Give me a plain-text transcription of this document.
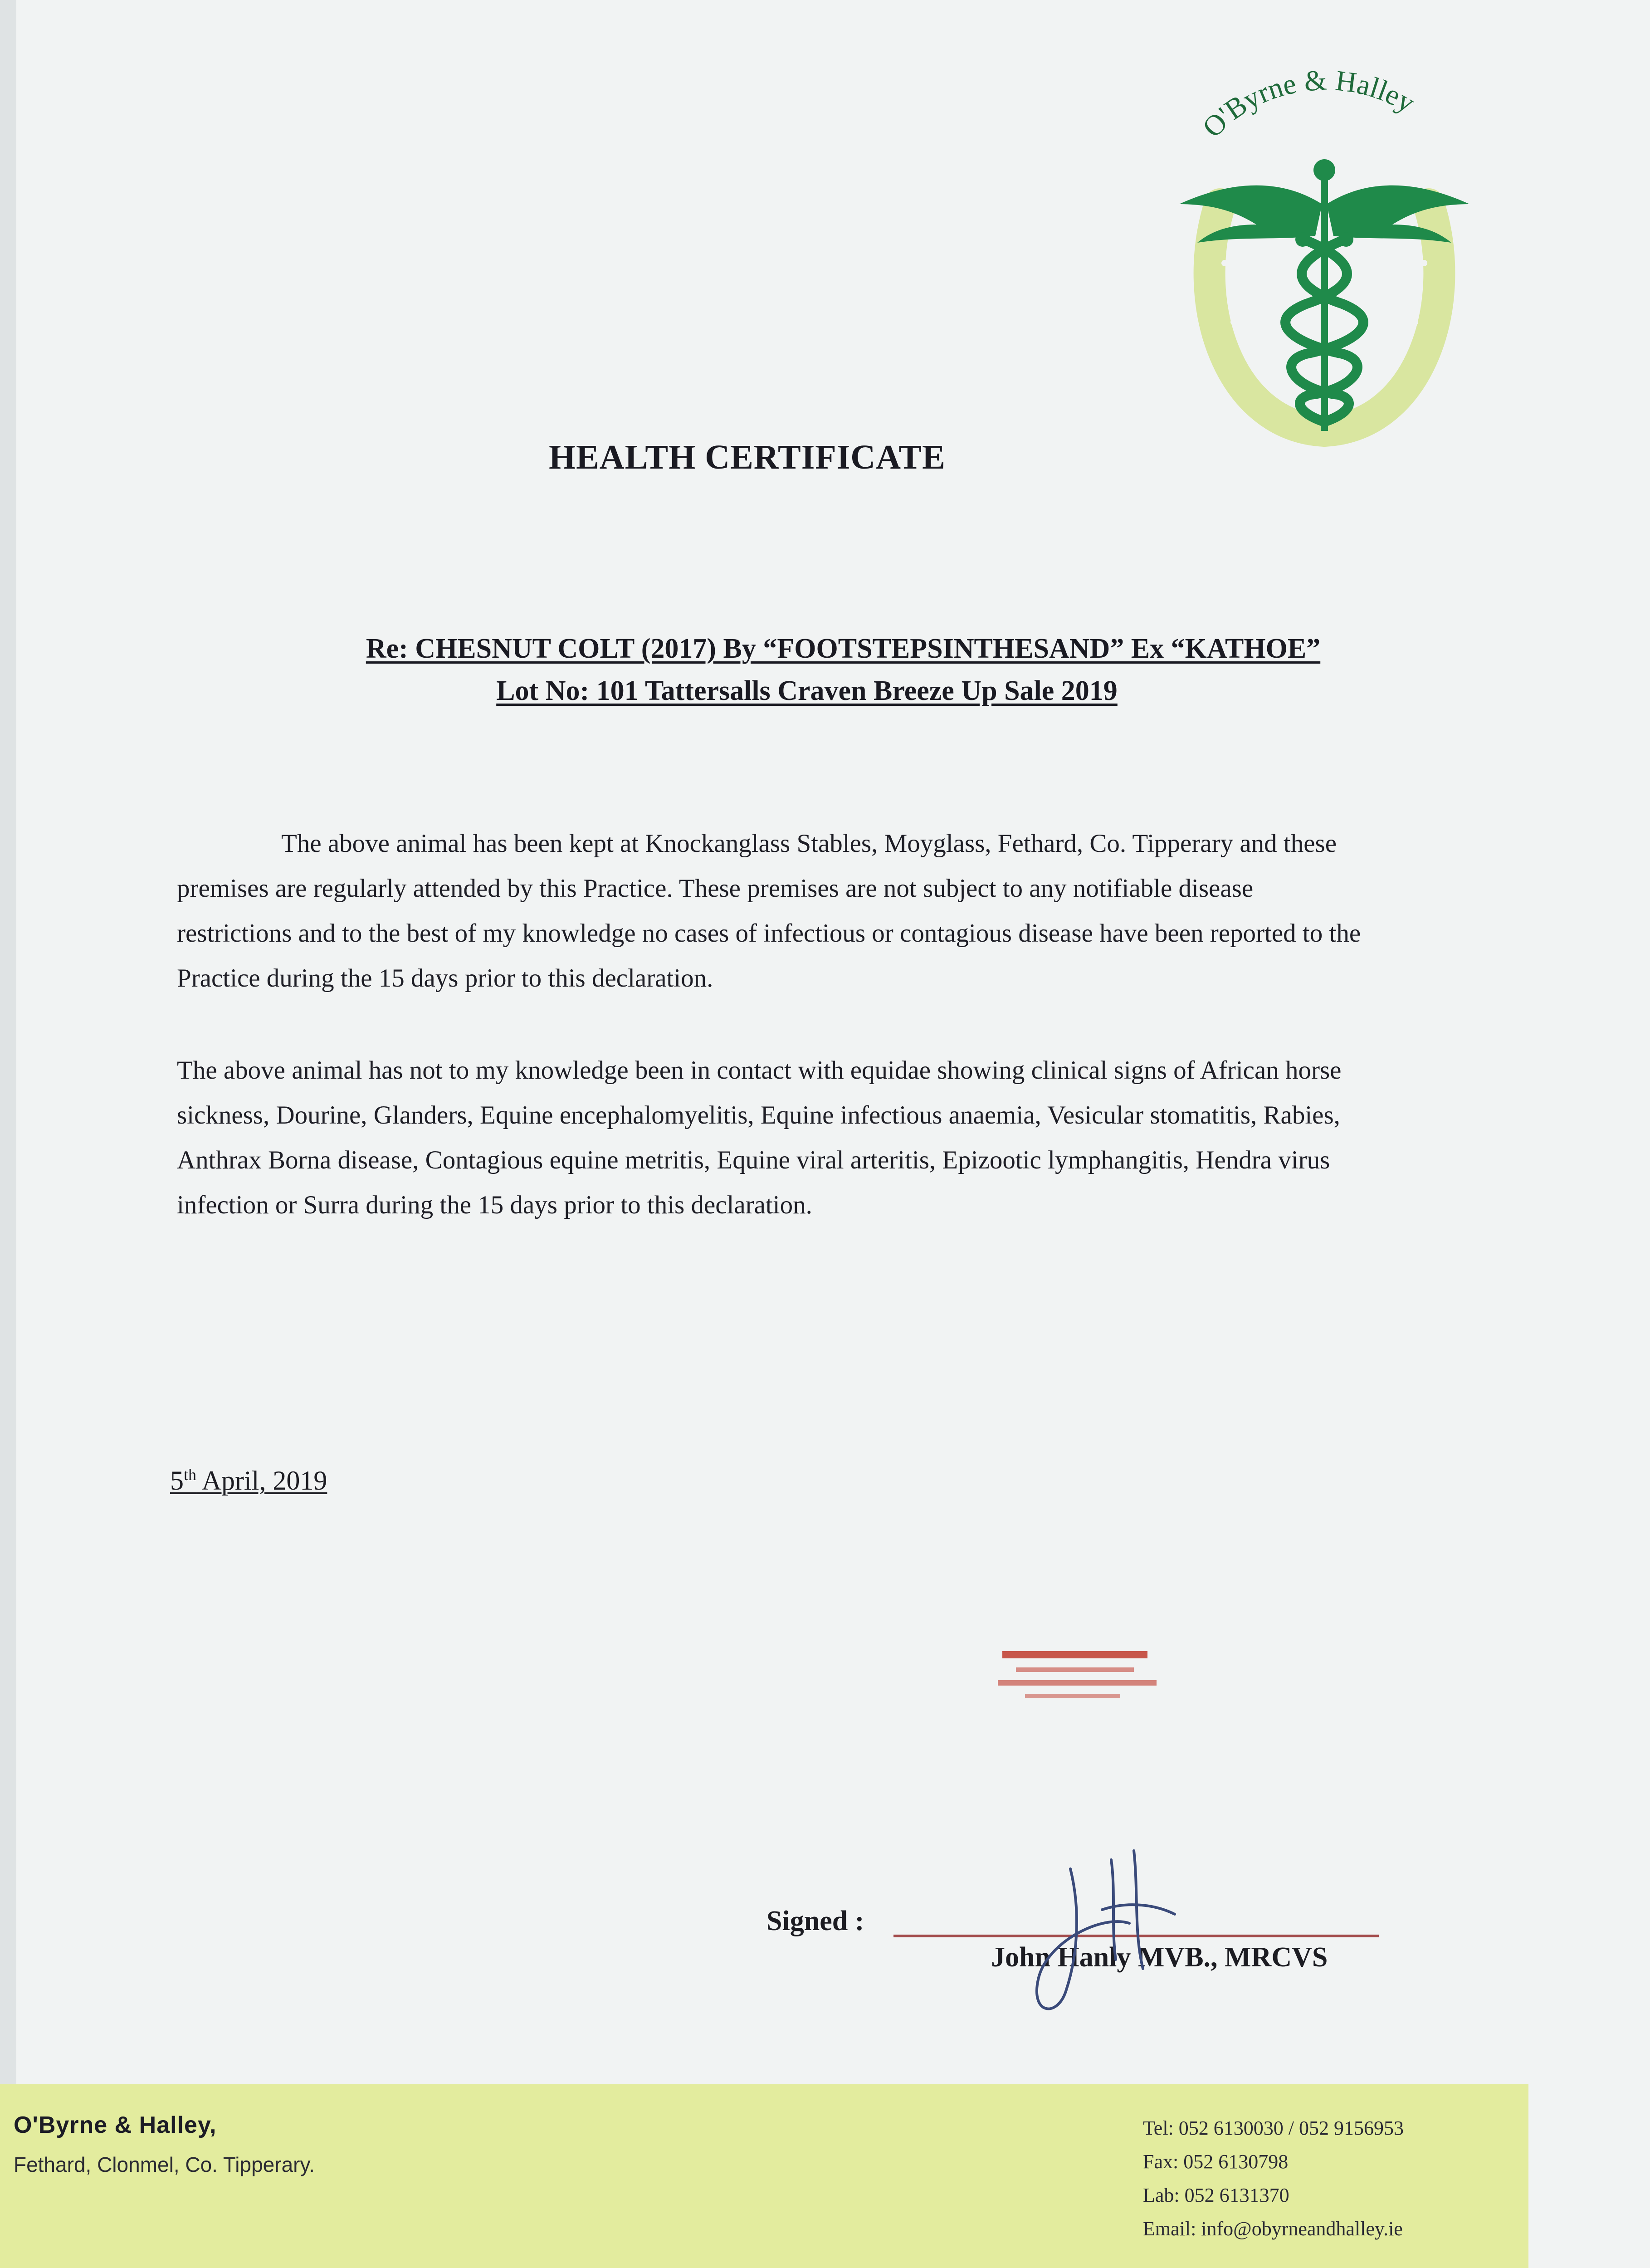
O'Byrne & Halley
HEALTH CERTIFICATE
Re: CHESNUT COLT (2017) By “FOOTSTEPSINTHESAND” Ex “KATHOE”
Lot No: 101 Tattersalls Craven Breeze Up Sale 2019
The above animal has been kept at Knockanglass Stables, Moyglass, Fethard, Co. Tipperary and these premises are regularly attended by this Practice. These premises are not subject to any notifiable disease restrictions and to the best of my knowledge no cases of infectious or contagious disease have been reported to the Practice during the 15 days prior to this declaration.
The above animal has not to my knowledge been in contact with equidae showing clinical signs of African horse sickness, Dourine, Glanders, Equine encephalomyelitis, Equine infectious anaemia, Vesicular stomatitis, Rabies, Anthrax Borna disease, Contagious equine metritis, Equine viral arteritis, Epizootic lymphangitis, Hendra virus infection or Surra during the 15 days prior to this declaration.
5th April, 2019
Signed :
John Hanly MVB., MRCVS
O'Byrne & Halley,
Fethard, Clonmel, Co. Tipperary.
Tel: 052 6130030 / 052 9156953
Fax: 052 6130798
Lab: 052 6131370
Email: info@obyrneandhalley.ie
